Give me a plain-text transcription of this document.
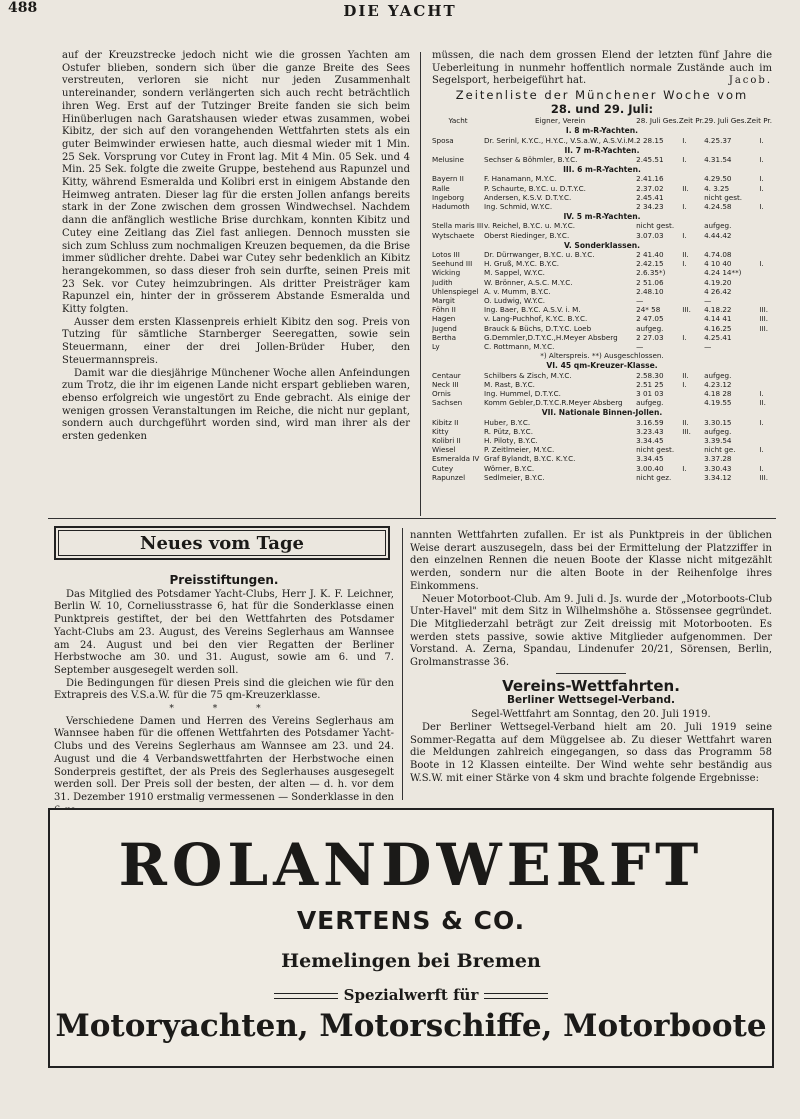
488	DIE YACHT

auf der Kreuzstrecke jedoch nicht wie die grossen Yachten am Ostufer blieben, sondern sich über die ganze Breite des Sees verstreuten, verloren sie nicht nur jeden Zusammenhalt untereinander, sondern verlängerten sich auch recht beträchtlich ihren Weg. Erst auf der Tutzinger Breite fanden sie sich beim Hinüberlugen nach Garatshausen wieder etwas zusammen, wobei Kibitz, der sich auf den vorangehenden Wettfahrten stets als ein guter Beimwinder erwiesen hatte, auch diesmal wieder mit 1 Min. 25 Sek. Vorsprung vor Cutey in Front lag. Mit 4 Min. 05 Sek. und 4 Min. 25 Sek. folgte die zweite Gruppe, bestehend aus Rapunzel und Kitty, während Esmeralda und Kolibri erst in einigem Abstande den Heimweg antraten. Dieser lag für die ersten Jollen anfangs bereits stark in der Zone zwischen dem grossen Windwechsel. Nachdem dann die anfänglich westliche Brise durchkam, konnten Kibitz und Cutey eine Zeitlang das Ziel fast anliegen. Dennoch mussten sie sich zum Schluss zum nochmaligen Kreuzen bequemen, da die Brise immer südlicher drehte. Dabei war Cutey sehr bedenklich an Kibitz herangekommen, so dass dieser froh sein durfte, seinen Preis mit 23 Sek. vor Cutey heimzubringen. Als dritter Preisträger kam Rapunzel ein, hinter der in grösserem Abstande Esmeralda und Kitty folgten.

Ausser dem ersten Klassenpreis erhielt Kibitz den sog. Preis von Tutzing für sämtliche Starnberger Seeregatten, sowie sein Steuermann, einer der drei Jollen-Brüder Huber, den Steuermannspreis.

Damit war die diesjährige Münchener Woche allen Anfeindungen zum Trotz, die ihr im eigenen Lande nicht erspart geblieben waren, ebenso erfolgreich wie ungestört zu Ende gebracht. Als einige der wenigen grossen Veranstaltungen im Reiche, die nicht nur geplant, sondern auch durchgeführt worden sind, wird man ihrer als der ersten gedenken

müssen, die nach dem grossen Elend der letzten fünf Jahre die Ueberleitung in nunmehr hoffentlich normale Zustände auch im Segelsport, herbeigeführt hat.	Jacob.

Zeitenliste der Münchener Woche vom
28. und 29. Juli:
Yacht	Eigner, Verein	28. Juli Ges.Zeit Pr.		29. Juli Ges.Zeit Pr.	
I. 8 m-R-Yachten.					
Sposa	Dr. Serinl, K.Y.C., H.Y.C., V.S.a.W., A.S.V.i.M.	2 28.15	I.	4.25.37	I.
II. 7 m-R-Yachten.					
Melusine	Sechser & Böhmler, B.Y.C.	2.45.51	I.	4.31.54	I.
III. 6 m-R-Yachten.					
Bayern II	F. Hanamann, M.Y.C.	2.41.16		4.29.50	I.
Ralle	P. Schaurte, B.Y.C. u. D.T.Y.C.	2.37.02	II.	4. 3.25	I.
Ingeborg	Andersen, K.S.V. D.T.Y.C.	2.45.41		nicht gest.	
Hadumoth	Ing. Schmid, W.Y.C.	2 34.23	I.	4.24.58	I.
IV. 5 m-R-Yachten.					
Stella maris III	v. Reichel, B.Y.C. u. M.Y.C.	nicht gest.		aufgeg.	
Wytschaete	Oberst Riedinger, B.Y.C.	3.07.03	I.	4.44.42	
V. Sonderklassen.					
Lotos III	Dr. Dürrwanger, B.Y.C. u. B.Y.C.	2 41.40	II.	4.74.08	
Seehund III	H. Gruß, M.Y.C. B.Y.C.	2.42.15	I.	4 10 40	I.
Wicking	M. Sappel, W.Y.C.	2.6.35*)		4.24 14**)	
Judith	W. Brönner, A.S.C. M.Y.C.	2 51.06		4.19.20	
Uhlenspiegel	A. v. Mumm, B.Y.C.	2.48.10		4 26.42	
Margit	O. Ludwig, W.Y.C.	—		—	
Föhn II	Ing. Baer, B.Y.C. A.S.V. i. M.	24* 58	III.	4.18.22	III.
Hagen	v. Lang-Puchhof, K.Y.C. B.Y.C.	2 47.05		4.14 41	III.
Jugend	Brauck & Büchs, D.T.Y.C. Loeb	aufgeg.		4.16.25	III.
Bertha	G.Demmler,D.T.Y.C.,H.Meyer Absberg	2 27.03	I.	4.25.41	
Ly	C. Rottmann, M.Y.C.	—		—	
*) Alterspreis. **) Ausgeschlossen.					
VI. 45 qm-Kreuzer-Klasse.					
Centaur	Schilbers & Zisch, M.Y.C.	2.58.30	II.	aufgeg.	
Neck III	M. Rast, B.Y.C.	2.51 25	I.	4.23.12	
Ornis	Ing. Hummel, D.T.Y.C.	3 01 03		4.18 28	I.
Sachsen	Komm Gebler,D.T.Y.C.R.Meyer Absberg	aufgeg.		4.19.55	II.
VII. Nationale Binnen-Jollen.					
Kibitz II	Huber, B.Y.C.	3.16.59	II.	3.30.15	I.
Kitty	R. Pütz, B.Y.C.	3.23.43	III.	aufgeg.	
Kolibri II	H. Piloty, B.Y.C.	3.34.45		3.39.54	
Wiesel	P. Zeitlmeier, M.Y.C.	nicht gest.		nicht ge.	I.
Esmeralda IV	Graf Bylandt, B.Y.C. K.Y.C.	3.34.45		3.37.28	
Cutey	Wörner, B.Y.C.	3.00.40	I.	3.30.43	I.
Rapunzel	Sedlmeier, B.Y.C.	nicht gez.		3.34.12	III.
Neues vom Tage
Preisstiftungen.

Das Mitglied des Potsdamer Yacht-Clubs, Herr J. K. F. Leichner, Berlin W. 10, Corneliusstrasse 6, hat für die Sonderklasse einen Punktpreis gestiftet, der bei den Wettfahrten des Potsdamer Yacht-Clubs am 23. August, des Vereins Seglerhaus am Wannsee am 24. August und bei den vier Regatten der Berliner Herbstwoche am 30. und 31. August, sowie am 6. und 7. September ausgesegelt werden soll.

Die Bedingungen für diesen Preis sind die gleichen wie für den Extrapreis des V.S.a.W. für die 75 qm-Kreuzerklasse.

* * *

Verschiedene Damen und Herren des Vereins Seglerhaus am Wannsee haben für die offenen Wettfahrten des Potsdamer Yacht-Clubs und des Vereins Seglerhaus am Wannsee am 23. und 24. August und die 4 Verbandswettfahrten der Herbstwoche einen Sonderpreis gestiftet, der als Preis des Seglerhauses ausgesegelt werden soll. Der Preis soll der besten, der alten — d. h. vor dem 31. Dezember 1910 erstmalig vermessenen — Sonderklasse in den

nannten Wettfahrten zufallen. Er ist als Punktpreis in der üblichen Weise derart auszusegeln, dass bei der Ermittelung der Platzziffer in den einzelnen Rennen die neuen Boote der Klasse nicht mitgezählt werden, sondern nur die alten Boote in der Reihenfolge ihres Einkommens.

Neuer Motorboot-Club. Am 9. Juli d. Js. wurde der „Motorboots-Club Unter-Havel" mit dem Sitz in Wilhelmshöhe a. Stössensee gegründet. Die Mitgliederzahl beträgt zur Zeit dreissig mit Motorbooten. Es werden stets passive, sowie aktive Mitglieder aufgenommen. Der Vorstand. A. Zerna, Spandau, Lindenufer 20/21, Sörensen, Berlin, Grolmanstrasse 36.

Vereins-Wettfahrten.
Berliner Wettsegel-Verband.
Segel-Wettfahrt am Sonntag, den 20. Juli 1919.

Der Berliner Wettsegel-Verband hielt am 20. Juli 1919 seine Sommer-Regatta auf dem Müggelsee ab. Zu dieser Wettfahrt waren die Meldungen zahlreich eingegangen, so dass das Programm 58 Boote in 12 Klassen einteilte. Der Wind wehte sehr beständig aus W.S.W. mit einer Stärke von 4 skm und brachte folgende Ergebnisse:

ROLANDWERFT
VERTENS & CO.
Hemelingen bei Bremen
Spezialwerft für
Motoryachten, Motorschiffe, Motorboote
